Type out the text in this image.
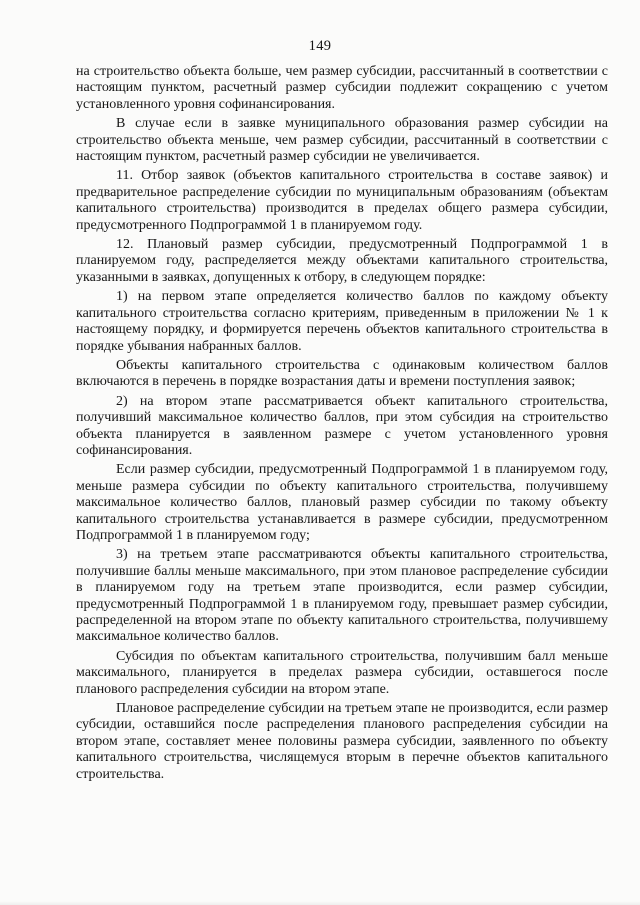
149

на строительство объекта больше, чем размер субсидии, рассчитанный в соответствии с настоящим пунктом, расчетный размер субсидии подлежит сокращению с учетом установленного уровня софинансирования.

В случае если в заявке муниципального образования размер субсидии на строительство объекта меньше, чем размер субсидии, рассчитанный в соответствии с настоящим пунктом, расчетный размер субсидии не увеличивается.

11. Отбор заявок (объектов капитального строительства в составе заявок) и предварительное распределение субсидии по муниципальным образованиям (объектам капитального строительства) производится в пределах общего размера субсидии, предусмотренного Подпрограммой 1 в планируемом году.

12. Плановый размер субсидии, предусмотренный Подпрограммой 1 в планируемом году, распределяется между объектами капитального строительства, указанными в заявках, допущенных к отбору, в следующем порядке:

1) на первом этапе определяется количество баллов по каждому объекту капитального строительства согласно критериям, приведенным в приложении № 1 к настоящему порядку, и формируется перечень объектов капитального строительства в порядке убывания набранных баллов.

Объекты капитального строительства с одинаковым количеством баллов включаются в перечень в порядке возрастания даты и времени поступления заявок;

2) на втором этапе рассматривается объект капитального строительства, получивший максимальное количество баллов, при этом субсидия на строительство объекта планируется в заявленном размере с учетом установленного уровня софинансирования.

Если размер субсидии, предусмотренный Подпрограммой 1 в планируемом году, меньше размера субсидии по объекту капитального строительства, получившему максимальное количество баллов, плановый размер субсидии по такому объекту капитального строительства устанавливается в размере субсидии, предусмотренном Подпрограммой 1 в планируемом году;

3) на третьем этапе рассматриваются объекты капитального строительства, получившие баллы меньше максимального, при этом плановое распределение субсидии в планируемом году на третьем этапе производится, если размер субсидии, предусмотренный Подпрограммой 1 в планируемом году, превышает размер субсидии, распределенной на втором этапе по объекту капитального строительства, получившему максимальное количество баллов.

Субсидия по объектам капитального строительства, получившим балл меньше максимального, планируется в пределах размера субсидии, оставшегося после планового распределения субсидии на втором этапе.

Плановое распределение субсидии на третьем этапе не производится, если размер субсидии, оставшийся после распределения планового распределения субсидии на втором этапе, составляет менее половины размера субсидии, заявленного по объекту капитального строительства, числящемуся вторым в перечне объектов капитального строительства.
